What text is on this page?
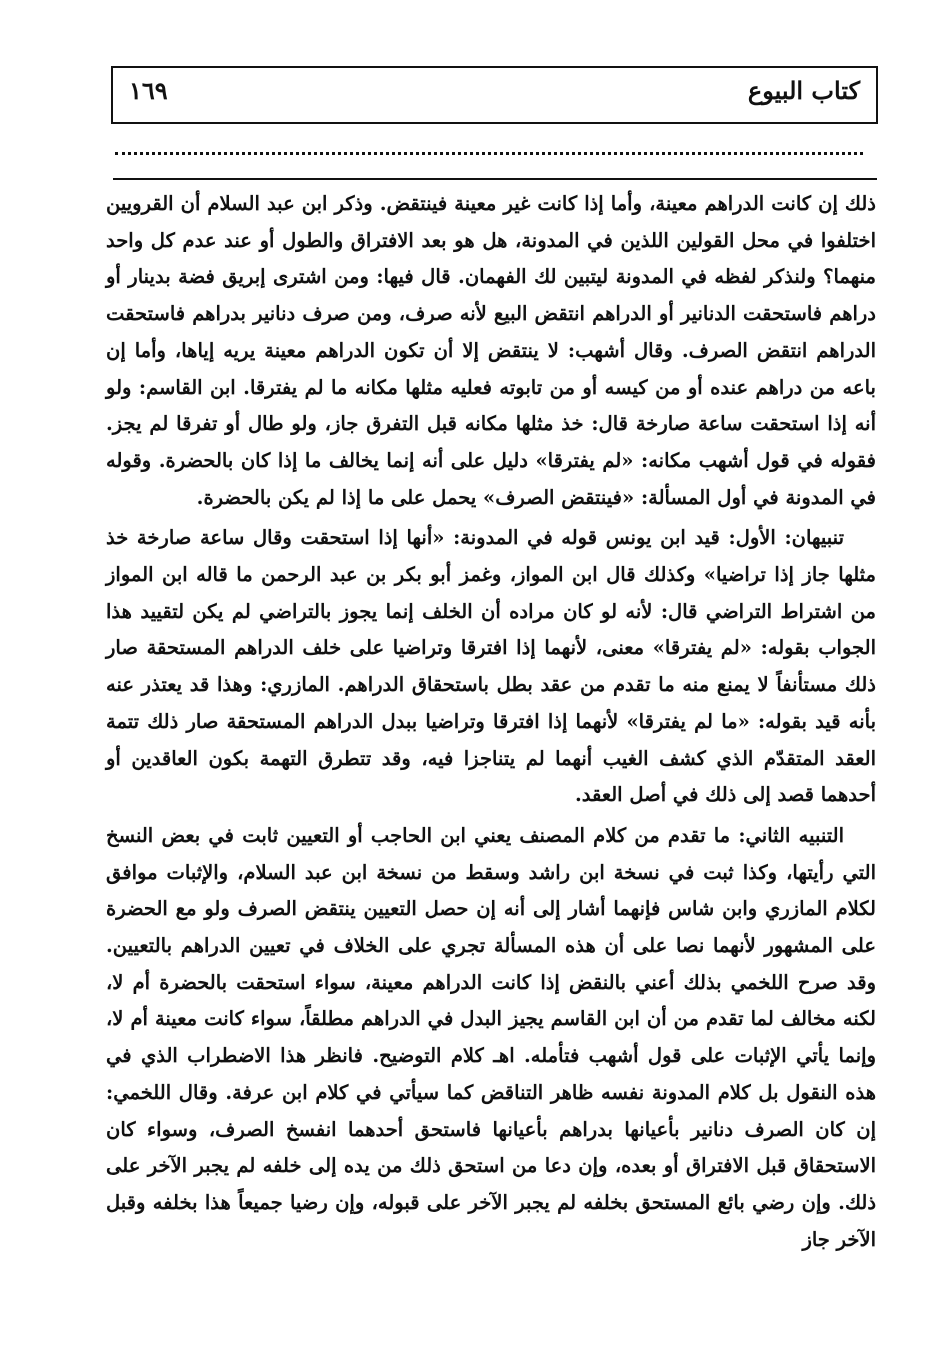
كتاب البيوع
١٦٩

ذلك إن كانت الدراهم معينة، وأما إذا كانت غير معينة فينتقض. وذكر ابن عبد السلام أن القرويين اختلفوا في محل القولين اللذين في المدونة، هل هو بعد الافتراق والطول أو عند عدم كل واحد منهما؟ ولنذكر لفظه في المدونة ليتبين لك الفهمان. قال فيها: ومن اشترى إبريق فضة بدينار أو دراهم فاستحقت الدنانير أو الدراهم انتقض البيع لأنه صرف، ومن صرف دنانير بدراهم فاستحقت الدراهم انتقض الصرف. وقال أشهب: لا ينتقض إلا أن تكون الدراهم معينة يريه إياها، وأما إن باعه من دراهم عنده أو من كيسه أو من تابوته فعليه مثلها مكانه ما لم يفترقا. ابن القاسم: ولو أنه إذا استحقت ساعة صارخة قال: خذ مثلها مكانه قبل التفرق جاز، ولو طال أو تفرقا لم يجز. فقوله في قول أشهب مكانه: «لم يفترقا» دليل على أنه إنما يخالف ما إذا كان بالحضرة. وقوله في المدونة في أول المسألة: «فينتقض الصرف» يحمل على ما إذا لم يكن بالحضرة.

تنبيهان: الأول: قيد ابن يونس قوله في المدونة: «أنها إذا استحقت وقال ساعة صارخة خذ مثلها جاز إذا تراضيا» وكذلك قال ابن المواز، وغمز أبو بكر بن عبد الرحمن ما قاله ابن المواز من اشتراط التراضي قال: لأنه لو كان مراده أن الخلف إنما يجوز بالتراضي لم يكن لتقييد هذا الجواب بقوله: «لم يفترقا» معنى، لأنهما إذا افترقا وتراضيا على خلف الدراهم المستحقة صار ذلك مستأنفاً لا يمنع منه ما تقدم من عقد بطل باستحقاق الدراهم. المازري: وهذا قد يعتذر عنه بأنه قيد بقوله: «ما لم يفترقا» لأنهما إذا افترقا وتراضيا ببدل الدراهم المستحقة صار ذلك تتمة العقد المتقدّم الذي كشف الغيب أنهما لم يتناجزا فيه، وقد تتطرق التهمة بكون العاقدين أو أحدهما قصد إلى ذلك في أصل العقد.

التنبيه الثاني: ما تقدم من كلام المصنف يعني ابن الحاجب أو التعيين ثابت في بعض النسخ التي رأيتها، وكذا ثبت في نسخة ابن راشد وسقط من نسخة ابن عبد السلام، والإثبات موافق لكلام المازري وابن شاس فإنهما أشار إلى أنه إن حصل التعيين ينتقض الصرف ولو مع الحضرة على المشهور لأنهما نصا على أن هذه المسألة تجري على الخلاف في تعيين الدراهم بالتعيين. وقد صرح اللخمي بذلك أعني بالنقض إذا كانت الدراهم معينة، سواء استحقت بالحضرة أم لا، لكنه مخالف لما تقدم من أن ابن القاسم يجيز البدل في الدراهم مطلقاً، سواء كانت معينة أم لا، وإنما يأتي الإثبات على قول أشهب فتأمله. اهـ كلام التوضيح. فانظر هذا الاضطراب الذي في هذه النقول بل كلام المدونة نفسه ظاهر التناقض كما سيأتي في كلام ابن عرفة. وقال اللخمي: إن كان الصرف دنانير بأعيانها بدراهم بأعيانها فاستحق أحدهما انفسخ الصرف، وسواء كان الاستحقاق قبل الافتراق أو بعده، وإن دعا من استحق ذلك من يده إلى خلفه لم يجبر الآخر على ذلك. وإن رضي بائع المستحق بخلفه لم يجبر الآخر على قبوله، وإن رضيا جميعاً هذا بخلفه وقبل الآخر جاز
